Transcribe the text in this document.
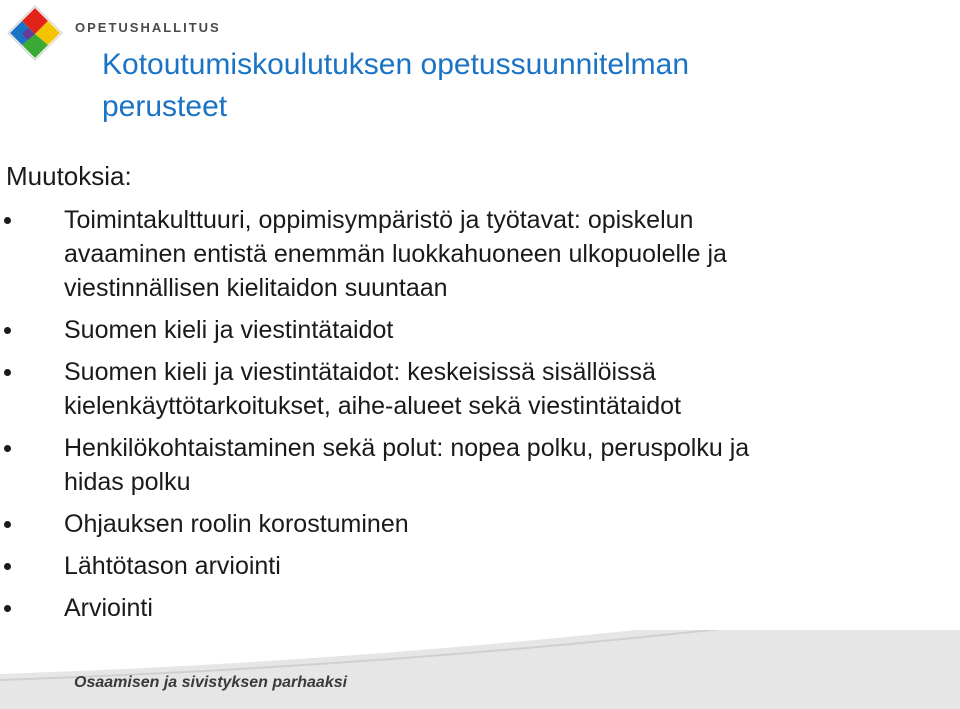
OPETUSHALLITUS
Kotoutumiskoulutuksen opetussuunnitelman
perusteet
Muutoksia:
Toimintakulttuuri, oppimisympäristö ja työtavat: opiskelun
avaaminen entistä enemmän luokkahuoneen ulkopuolelle ja
viestinnällisen kielitaidon suuntaan
Suomen kieli ja viestintätaidot
Suomen kieli ja viestintätaidot: keskeisissä sisällöissä
kielenkäyttötarkoitukset, aihe-alueet sekä viestintätaidot
Henkilökohtaistaminen sekä polut: nopea polku, peruspolku ja
hidas polku
Ohjauksen roolin korostuminen
Lähtötason arviointi
Arviointi
Osaamisen ja sivistyksen parhaaksi
